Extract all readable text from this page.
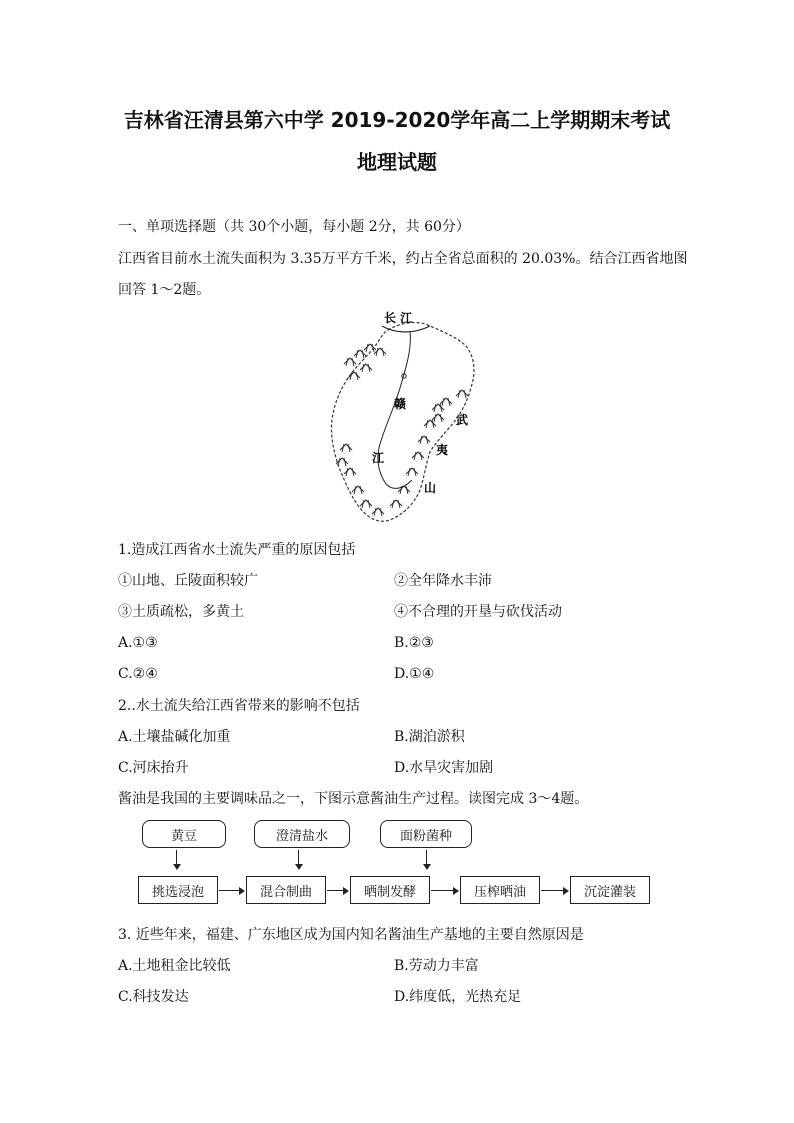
吉林省汪清县第六中学 2019-2020学年高二上学期期末考试
地理试题
一、单项选择题（共 30个小题，每小题 2分，共 60分）
江西省目前水土流失面积为 3.35万平方千米，约占全省总面积的 20.03%。结合江西省地图
回答 1～2题。
长 江
赣
江
武
夷
山
1.造成江西省水土流失严重的原因包括
①山地、丘陵面积较广	②全年降水丰沛
③土质疏松，多黄土	④不合理的开垦与砍伐活动
A.①③	B.②③
C.②④	D.①④
2..水土流失给江西省带来的影响不包括
A.土壤盐碱化加重	B.湖泊淤积
C.河床抬升	D.水旱灾害加剧
酱油是我国的主要调味品之一，下图示意酱油生产过程。读图完成 3～4题。
黄豆	澄清盐水	面粉菌种
挑选浸泡	混合制曲	晒制发酵	压榨晒油	沉淀灌装
3. 近些年来，福建、广东地区成为国内知名酱油生产基地的主要自然原因是
A.土地租金比较低	B.劳动力丰富
C.科技发达	D.纬度低，光热充足
